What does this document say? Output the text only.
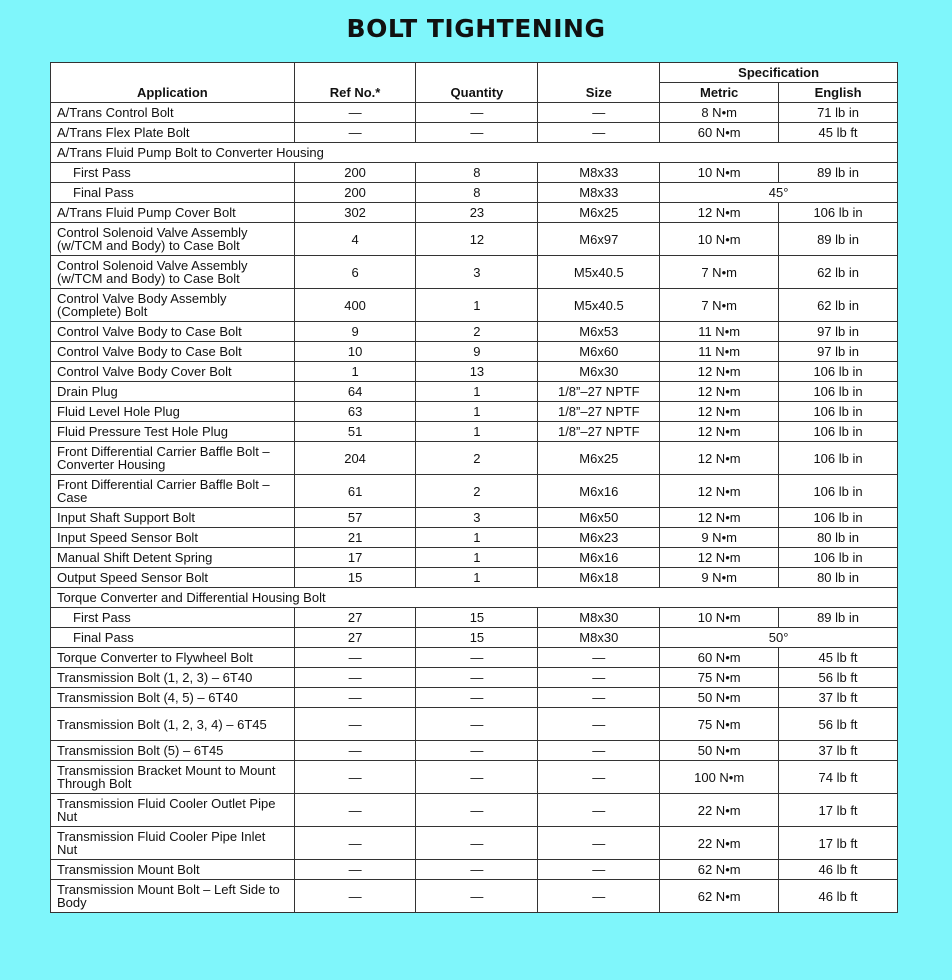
BOLT TIGHTENING
Application	Ref No.*	Quantity	Size	Specification	
				Metric	English
A/Trans Control Bolt	—	—	—	8 N•m	71 lb in
A/Trans Flex Plate Bolt	—	—	—	60 N•m	45 lb ft
A/Trans Fluid Pump Bolt to Converter Housing					
First Pass	200	8	M8x33	10 N•m	89 lb in
Final Pass	200	8	M8x33	45°	
A/Trans Fluid Pump Cover Bolt	302	23	M6x25	12 N•m	106 lb in
Control Solenoid Valve Assembly (w/TCM and Body) to Case Bolt	4	12	M6x97	10 N•m	89 lb in
Control Solenoid Valve Assembly (w/TCM and Body) to Case Bolt	6	3	M5x40.5	7 N•m	62 lb in
Control Valve Body Assembly (Complete) Bolt	400	1	M5x40.5	7 N•m	62 lb in
Control Valve Body to Case Bolt	9	2	M6x53	11 N•m	97 lb in
Control Valve Body to Case Bolt	10	9	M6x60	11 N•m	97 lb in
Control Valve Body Cover Bolt	1	13	M6x30	12 N•m	106 lb in
Drain Plug	64	1	1/8”–27 NPTF	12 N•m	106 lb in
Fluid Level Hole Plug	63	1	1/8”–27 NPTF	12 N•m	106 lb in
Fluid Pressure Test Hole Plug	51	1	1/8”–27 NPTF	12 N•m	106 lb in
Front Differential Carrier Baffle Bolt – Converter Housing	204	2	M6x25	12 N•m	106 lb in
Front Differential Carrier Baffle Bolt – Case	61	2	M6x16	12 N•m	106 lb in
Input Shaft Support Bolt	57	3	M6x50	12 N•m	106 lb in
Input Speed Sensor Bolt	21	1	M6x23	9 N•m	80 lb in
Manual Shift Detent Spring	17	1	M6x16	12 N•m	106 lb in
Output Speed Sensor Bolt	15	1	M6x18	9 N•m	80 lb in
Torque Converter and Differential Housing Bolt					
First Pass	27	15	M8x30	10 N•m	89 lb in
Final Pass	27	15	M8x30	50°	
Torque Converter to Flywheel Bolt	—	—	—	60 N•m	45 lb ft
Transmission Bolt (1, 2, 3) – 6T40	—	—	—	75 N•m	56 lb ft
Transmission Bolt (4, 5) – 6T40	—	—	—	50 N•m	37 lb ft
Transmission Bolt (1, 2, 3, 4) – 6T45	—	—	—	75 N•m	56 lb ft
Transmission Bolt (5) – 6T45	—	—	—	50 N•m	37 lb ft
Transmission Bracket Mount to Mount Through Bolt	—	—	—	100 N•m	74 lb ft
Transmission Fluid Cooler Outlet Pipe Nut	—	—	—	22 N•m	17 lb ft
Transmission Fluid Cooler Pipe Inlet Nut	—	—	—	22 N•m	17 lb ft
Transmission Mount Bolt	—	—	—	62 N•m	46 lb ft
Transmission Mount Bolt – Left Side to Body	—	—	—	62 N•m	46 lb ft
